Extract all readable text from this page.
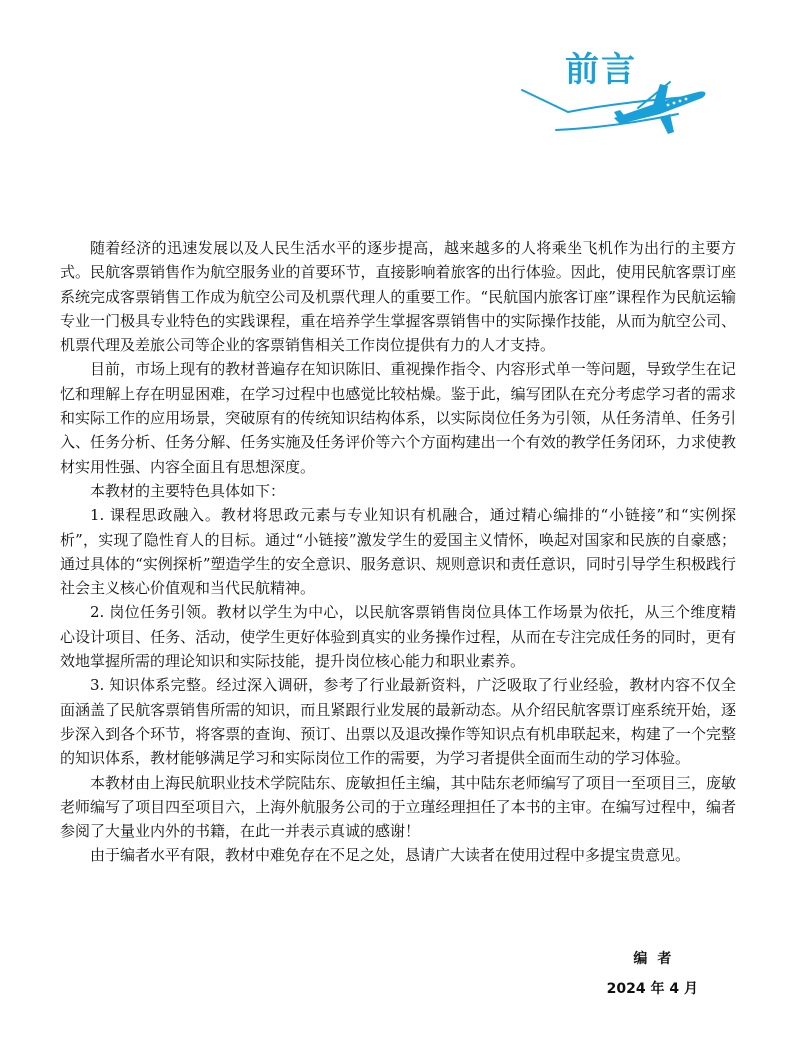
前言

随着经济的迅速发展以及人民生活水平的逐步提高，越来越多的人将乘坐飞机作为出行的主要方式。民航客票销售作为航空服务业的首要环节，直接影响着旅客的出行体验。因此，使用民航客票订座系统完成客票销售工作成为航空公司及机票代理人的重要工作。“民航国内旅客订座”课程作为民航运输专业一门极具专业特色的实践课程，重在培养学生掌握客票销售中的实际操作技能，从而为航空公司、机票代理及差旅公司等企业的客票销售相关工作岗位提供有力的人才支持。

目前，市场上现有的教材普遍存在知识陈旧、重视操作指令、内容形式单一等问题，导致学生在记忆和理解上存在明显困难，在学习过程中也感觉比较枯燥。鉴于此，编写团队在充分考虑学习者的需求和实际工作的应用场景，突破原有的传统知识结构体系，以实际岗位任务为引领，从任务清单、任务引入、任务分析、任务分解、任务实施及任务评价等六个方面构建出一个有效的教学任务闭环，力求使教材实用性强、内容全面且有思想深度。

本教材的主要特色具体如下：

1. 课程思政融入。教材将思政元素与专业知识有机融合，通过精心编排的“小链接”和“实例探析”，实现了隐性育人的目标。通过“小链接”激发学生的爱国主义情怀，唤起对国家和民族的自豪感；通过具体的“实例探析”塑造学生的安全意识、服务意识、规则意识和责任意识，同时引导学生积极践行社会主义核心价值观和当代民航精神。

2. 岗位任务引领。教材以学生为中心，以民航客票销售岗位具体工作场景为依托，从三个维度精心设计项目、任务、活动，使学生更好体验到真实的业务操作过程，从而在专注完成任务的同时，更有效地掌握所需的理论知识和实际技能，提升岗位核心能力和职业素养。

3. 知识体系完整。经过深入调研，参考了行业最新资料，广泛吸取了行业经验，教材内容不仅全面涵盖了民航客票销售所需的知识，而且紧跟行业发展的最新动态。从介绍民航客票订座系统开始，逐步深入到各个环节，将客票的查询、预订、出票以及退改操作等知识点有机串联起来，构建了一个完整的知识体系，教材能够满足学习和实际岗位工作的需要，为学习者提供全面而生动的学习体验。

本教材由上海民航职业技术学院陆东、庞敏担任主编，其中陆东老师编写了项目一至项目三，庞敏老师编写了项目四至项目六，上海外航服务公司的于立瑾经理担任了本书的主审。在编写过程中，编者参阅了大量业内外的书籍，在此一并表示真诚的感谢！

由于编者水平有限，教材中难免存在不足之处，恳请广大读者在使用过程中多提宝贵意见。

编者
2024 年 4 月
